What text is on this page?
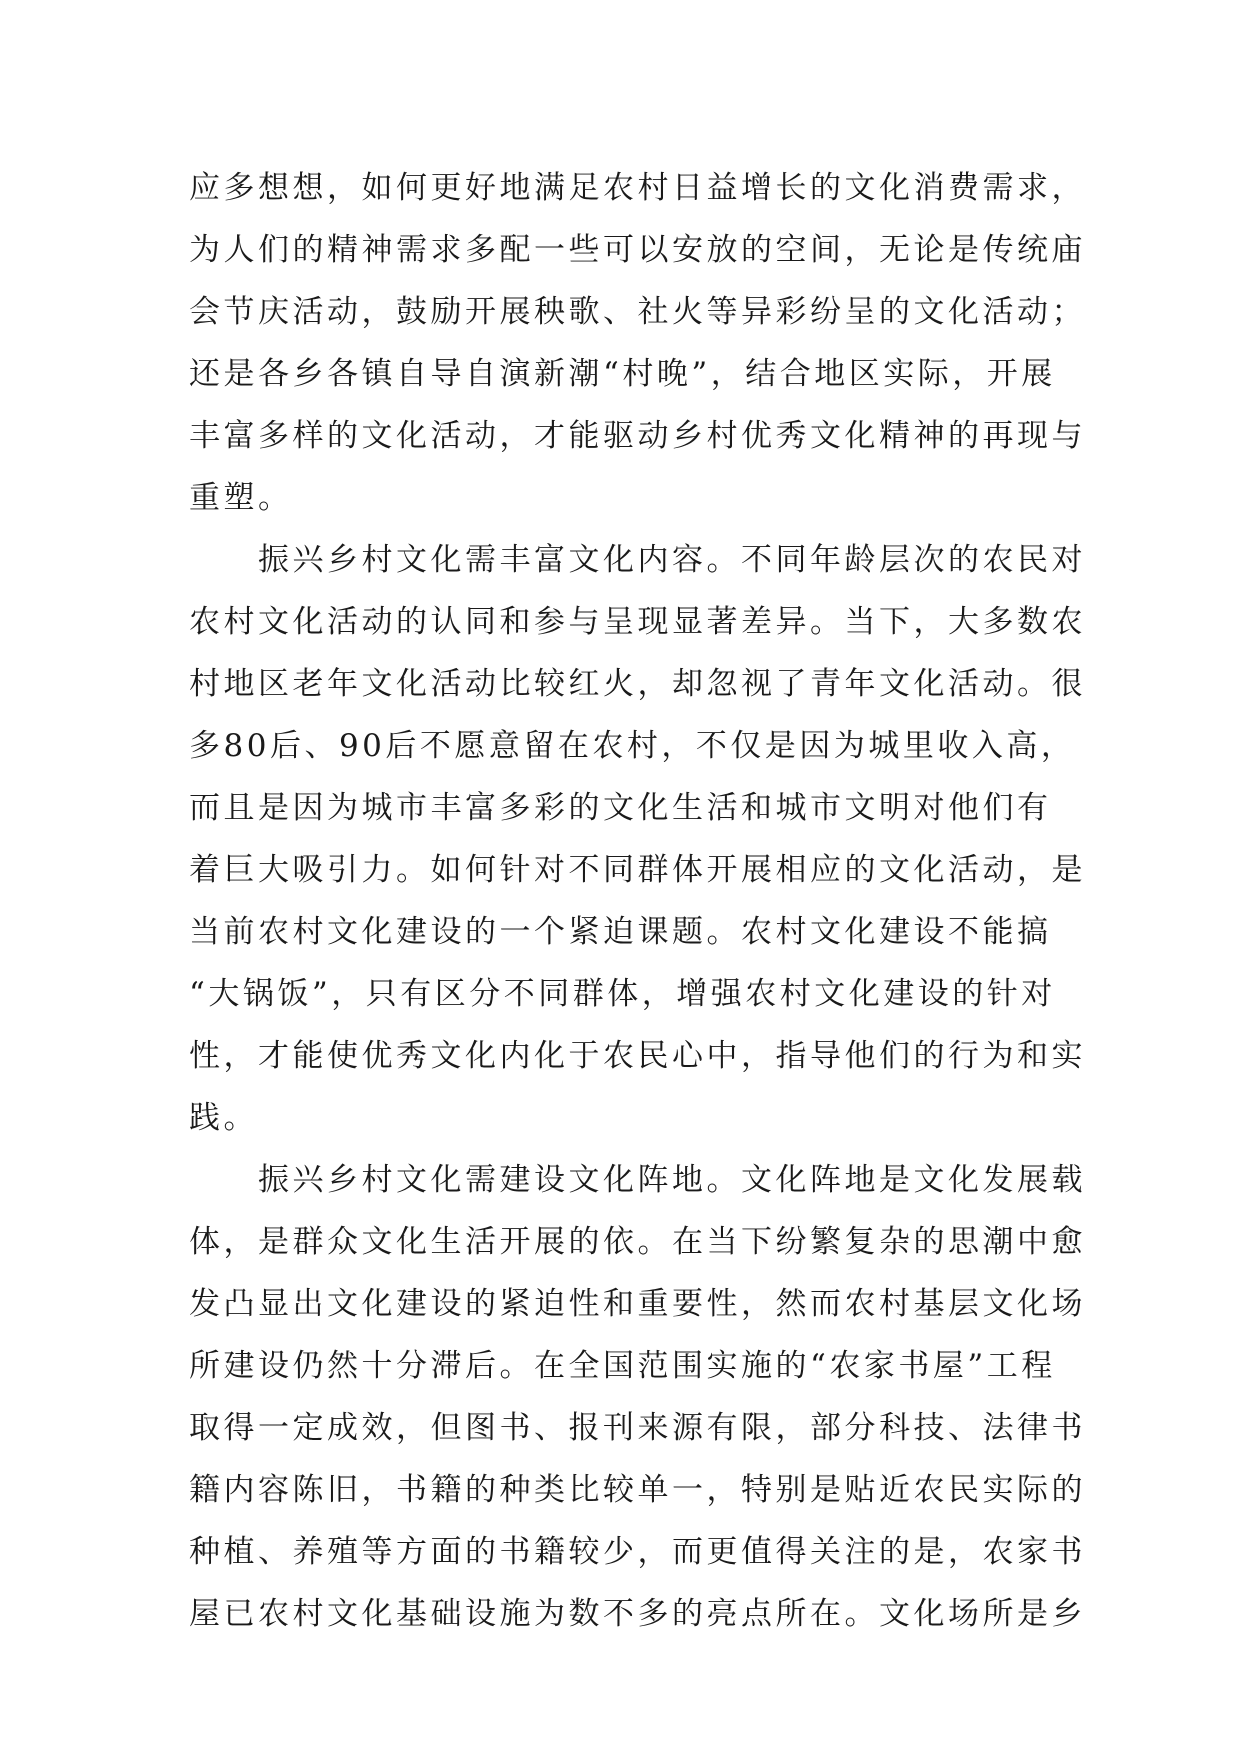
应多想想，如何更好地满足农村日益增长的文化消费需求，
为人们的精神需求多配一些可以安放的空间，无论是传统庙
会节庆活动，鼓励开展秧歌、社火等异彩纷呈的文化活动；
还是各乡各镇自导自演新潮“村晚”，结合地区实际，开展
丰富多样的文化活动，才能驱动乡村优秀文化精神的再现与
重塑。
　　振兴乡村文化需丰富文化内容。不同年龄层次的农民对
农村文化活动的认同和参与呈现显著差异。当下，大多数农
村地区老年文化活动比较红火，却忽视了青年文化活动。很
多80后、90后不愿意留在农村，不仅是因为城里收入高，
而且是因为城市丰富多彩的文化生活和城市文明对他们有
着巨大吸引力。如何针对不同群体开展相应的文化活动，是
当前农村文化建设的一个紧迫课题。农村文化建设不能搞
“大锅饭”，只有区分不同群体，增强农村文化建设的针对
性，才能使优秀文化内化于农民心中，指导他们的行为和实
践。
　　振兴乡村文化需建设文化阵地。文化阵地是文化发展载
体，是群众文化生活开展的依。在当下纷繁复杂的思潮中愈
发凸显出文化建设的紧迫性和重要性，然而农村基层文化场
所建设仍然十分滞后。在全国范围实施的“农家书屋”工程
取得一定成效，但图书、报刊来源有限，部分科技、法律书
籍内容陈旧，书籍的种类比较单一，特别是贴近农民实际的
种植、养殖等方面的书籍较少，而更值得关注的是，农家书
屋已农村文化基础设施为数不多的亮点所在。文化场所是乡
